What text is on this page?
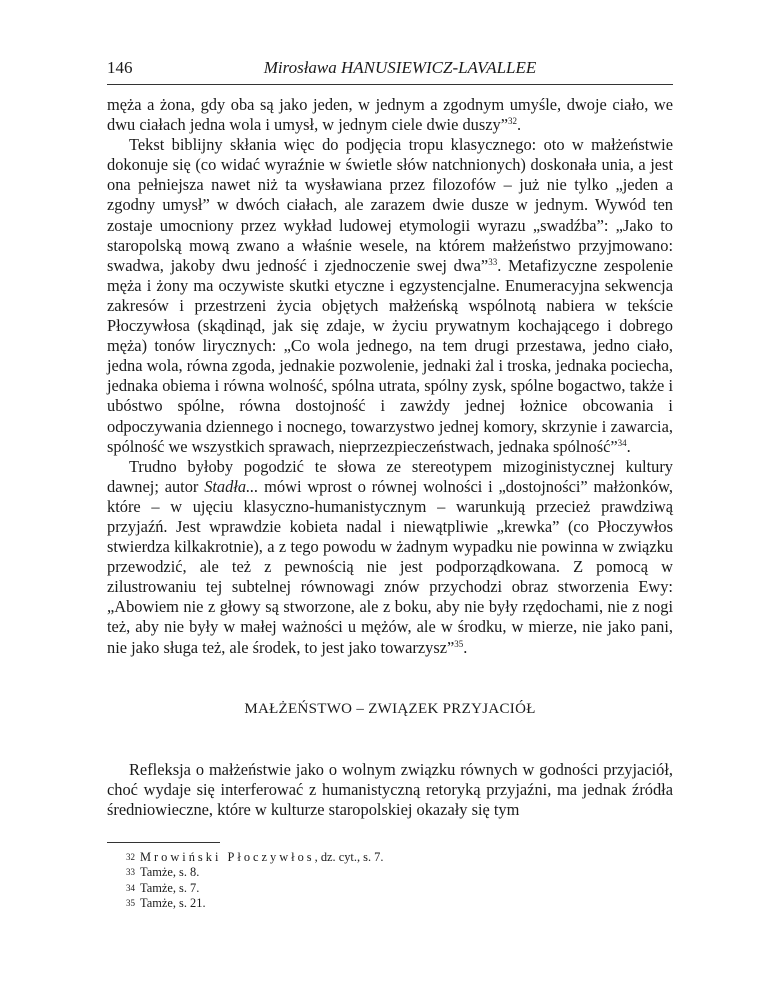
146	Mirosława HANUSIEWICZ-LAVALLEE

męża a żona, gdy oba są jako jeden, w jednym a zgodnym umyśle, dwoje ciało, we dwu ciałach jedna wola i umysł, w jednym ciele dwie duszy”$^{32}$.

Tekst biblijny skłania więc do podjęcia tropu klasycznego: oto w małżeństwie dokonuje się (co widać wyraźnie w świetle słów natchnionych) doskonała unia, a jest ona pełniejsza nawet niż ta wysławiana przez filozofów – już nie tylko „jeden a zgodny umysł” w dwóch ciałach, ale zarazem dwie dusze w jednym. Wywód ten zostaje umocniony przez wykład ludowej etymologii wyrazu „swadźba”: „Jako to staropolską mową zwano a właśnie wesele, na którem małżeństwo przyjmowano: swadwa, jakoby dwu jedność i zjednoczenie swej dwa”$^{33}$. Metafizyczne zespolenie męża i żony ma oczywiste skutki etyczne i egzystencjalne. Enumeracyjna sekwencja zakresów i przestrzeni życia objętych małżeńską wspólnotą nabiera w tekście Płoczywłosa (skądinąd, jak się zdaje, w życiu prywatnym kochającego i dobrego męża) tonów lirycznych: „Co wola jednego, na tem drugi przestawa, jedno ciało, jedna wola, równa zgoda, jednakie pozwolenie, jednaki żal i troska, jednaka pociecha, jednaka obiema i równa wolność, spólna utrata, spólny zysk, spólne bogactwo, także i ubóstwo spólne, równa dostojność i zawżdy jednej łożnice obcowania i odpoczywania dziennego i nocnego, towarzystwo jednej komory, skrzynie i zawarcia, spólność we wszystkich sprawach, nieprzezpieczeństwach, jednaka spólność”$^{34}$.

Trudno byłoby pogodzić te słowa ze stereotypem mizoginistycznej kultury dawnej; autor Stadła... mówi wprost o równej wolności i „dostojności” małżonków, które – w ujęciu klasyczno-humanistycznym – warunkują przecież prawdziwą przyjaźń. Jest wprawdzie kobieta nadal i niewątpliwie „krewka” (co Płoczywłos stwierdza kilkakrotnie), a z tego powodu w żadnym wypadku nie powinna w związku przewodzić, ale też z pewnością nie jest podporządkowana. Z pomocą w zilustrowaniu tej subtelnej równowagi znów przychodzi obraz stworzenia Ewy: „Abowiem nie z głowy są stworzone, ale z boku, aby nie były rzędochami, nie z nogi też, aby nie były w małej ważności u mężów, ale w środku, w mierze, nie jako pani, nie jako sługa też, ale środek, to jest jako towarzysz”$^{35}$.

MAŁŻEŃSTWO – ZWIĄZEK PRZYJACIÓŁ

Refleksja o małżeństwie jako o wolnym związku równych w godności przyjaciół, choć wydaje się interferować z humanistyczną retoryką przyjaźni, ma jednak źródła średniowieczne, które w kulturze staropolskiej okazały się tym

32 Mrowiński Płoczywłos, dz. cyt., s. 7.
33 Tamże, s. 8.
34 Tamże, s. 7.
35 Tamże, s. 21.
